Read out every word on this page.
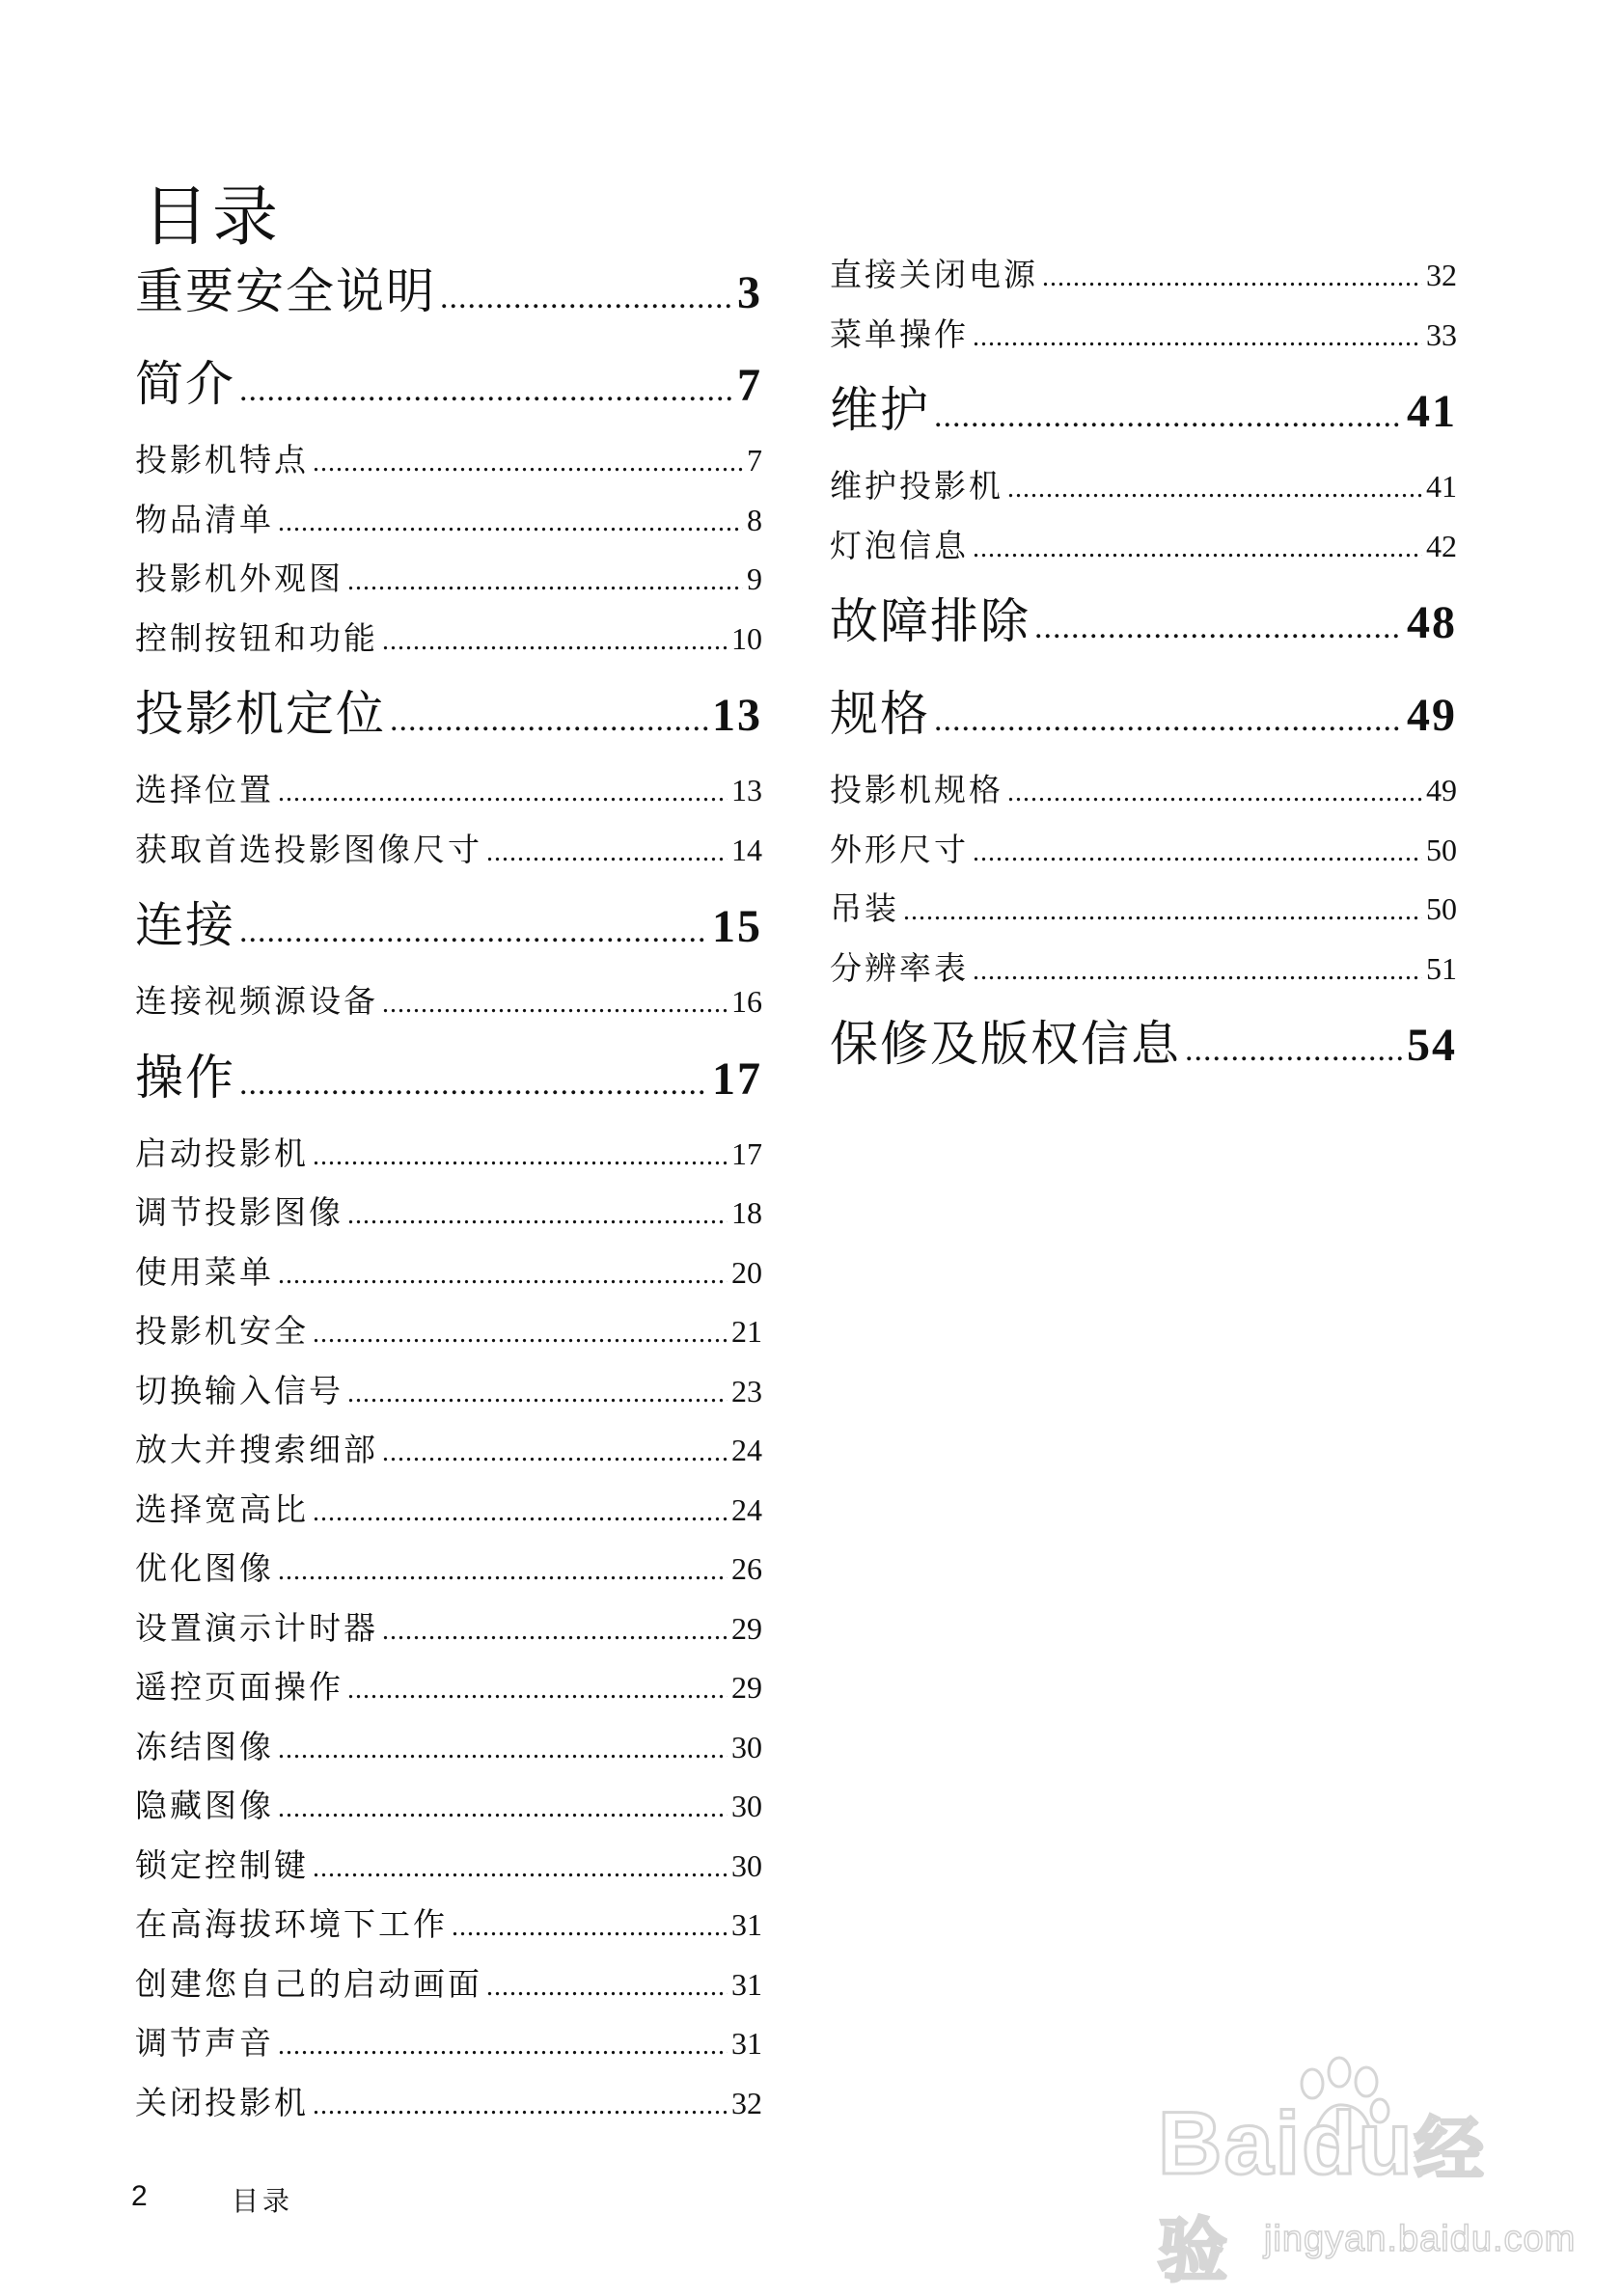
目录
重要安全说明 .....	3
简介 .....	7
投影机特点 .....	7
物品清单 .....	8
投影机外观图 .....	9
控制按钮和功能 .....	10
投影机定位 .....	13
选择位置 .....	13
获取首选投影图像尺寸 .....	14
连接 .....	15
连接视频源设备 .....	16
操作 .....	17
启动投影机 .....	17
调节投影图像 .....	18
使用菜单 .....	20
投影机安全 .....	21
切换输入信号 .....	23
放大并搜索细部 .....	24
选择宽高比 .....	24
优化图像 .....	26
设置演示计时器 .....	29
遥控页面操作 .....	29
冻结图像 .....	30
隐藏图像 .....	30
锁定控制键 .....	30
在高海拔环境下工作 .....	31
创建您自己的启动画面 .....	31
调节声音 .....	31
关闭投影机 .....	32
直接关闭电源 .....	32
菜单操作 .....	33
维护 .....	41
维护投影机 .....	41
灯泡信息 .....	42
故障排除 .....	48
规格 .....	49
投影机规格 .....	49
外形尺寸 .....	50
吊装 .....	50
分辨率表 .....	51
保修及版权信息 .....	54
2	目录
Baidu经验 jingyan.baidu.com
